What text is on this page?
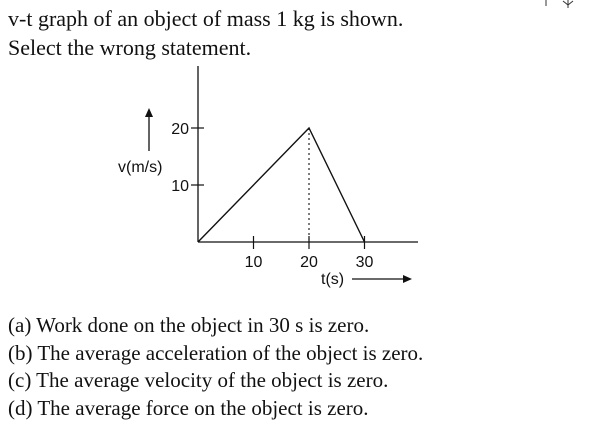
v-t graph of an object of mass 1 kg is shown.
Select the wrong statement.
v(m/s)
t(s)
10 20 30
10
20
(a) Work done on the object in 30 s is zero.
(b) The average acceleration of the object is zero.
(c) The average velocity of the object is zero.
(d) The average force on the object is zero.
